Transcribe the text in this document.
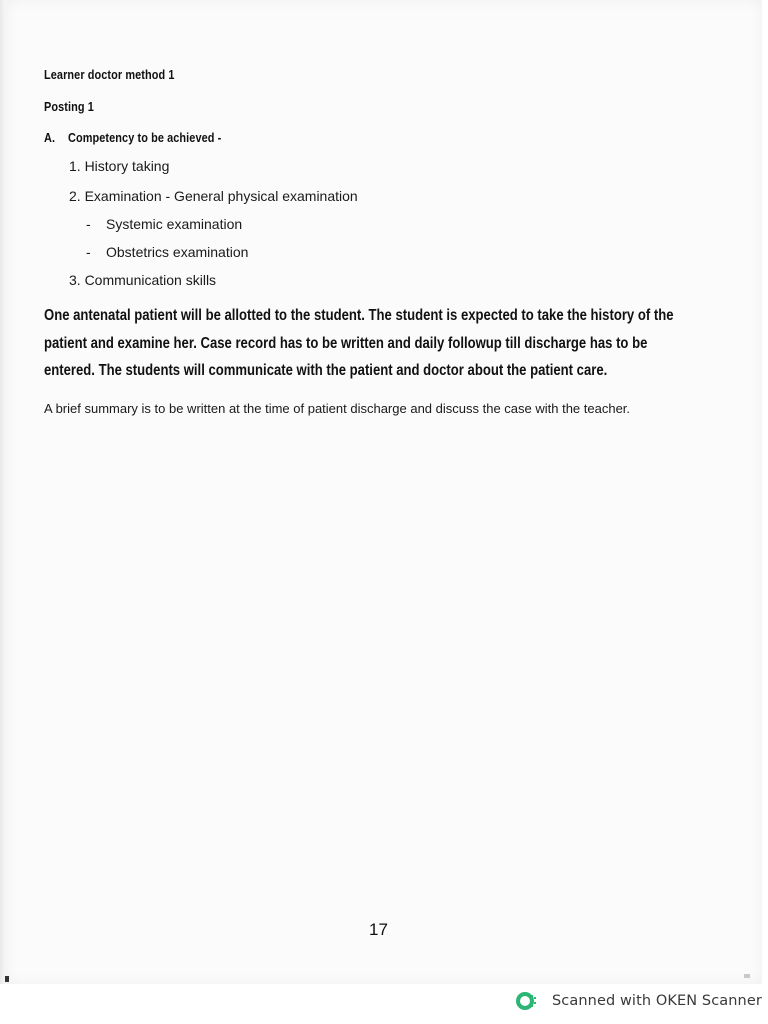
Learner doctor method 1
Posting 1
A. Competency to be achieved -
1. History taking
2. Examination - General physical examination
- Systemic examination
- Obstetrics examination
3. Communication skills
One antenatal patient will be allotted to the student. The student is expected to take the history of the
patient and examine her. Case record has to be written and daily followup till discharge has to be
entered. The students will communicate with the patient and doctor about the patient care.
A brief summary is to be written at the time of patient discharge and discuss the case with the teacher.
17
Scanned with OKEN Scanner
